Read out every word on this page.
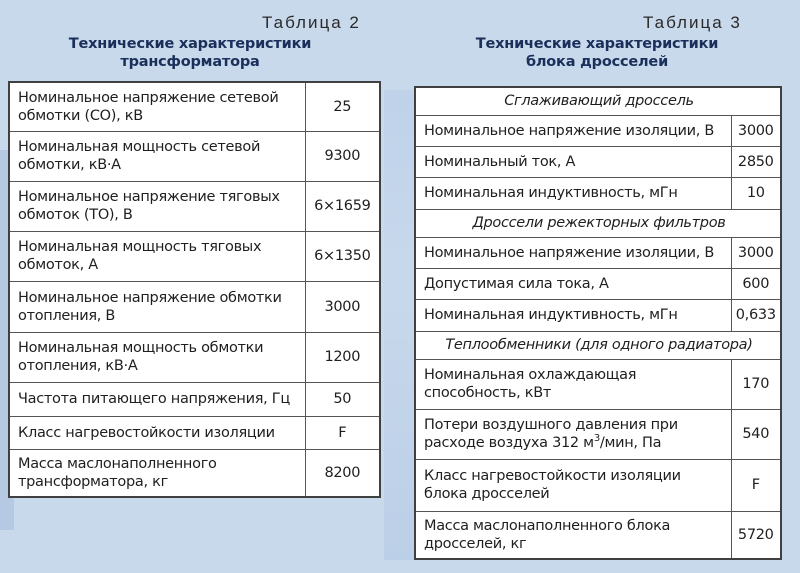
Таблица 2
Технические характеристики
трансформатора
Номинальное напряжение сетевой обмотки (СО), кВ	25
Номинальная мощность сетевой обмотки, кВ·А	9300
Номинальное напряжение тяговых обмоток (ТО), В	6×1659
Номинальная мощность тяговых обмоток, А	6×1350
Номинальное напряжение обмотки отопления, В	3000
Номинальная мощность обмотки отопления, кВ·А	1200
Частота питающего напряжения, Гц	50
Класс нагревостойкости изоляции	F
Масса маслонаполненного трансформатора, кг	8200
Таблица 3
Технические характеристики
блока дросселей
Сглаживающий дроссель	
Номинальное напряжение изоляции, В	3000
Номинальный ток, А	2850
Номинальная индуктивность, мГн	10
Дроссели режекторных фильтров	
Номинальное напряжение изоляции, В	3000
Допустимая сила тока, А	600
Номинальная индуктивность, мГн	0,633
Теплообменники (для одного радиатора)	
Номинальная охлаждающая способность, кВт	170
Потери воздушного давления при расходе воздуха 312 $м^3$/мин, Па	540
Класс нагревостойкости изоляции блока дросселей	F
Масса маслонаполненного блока дросселей, кг	5720
